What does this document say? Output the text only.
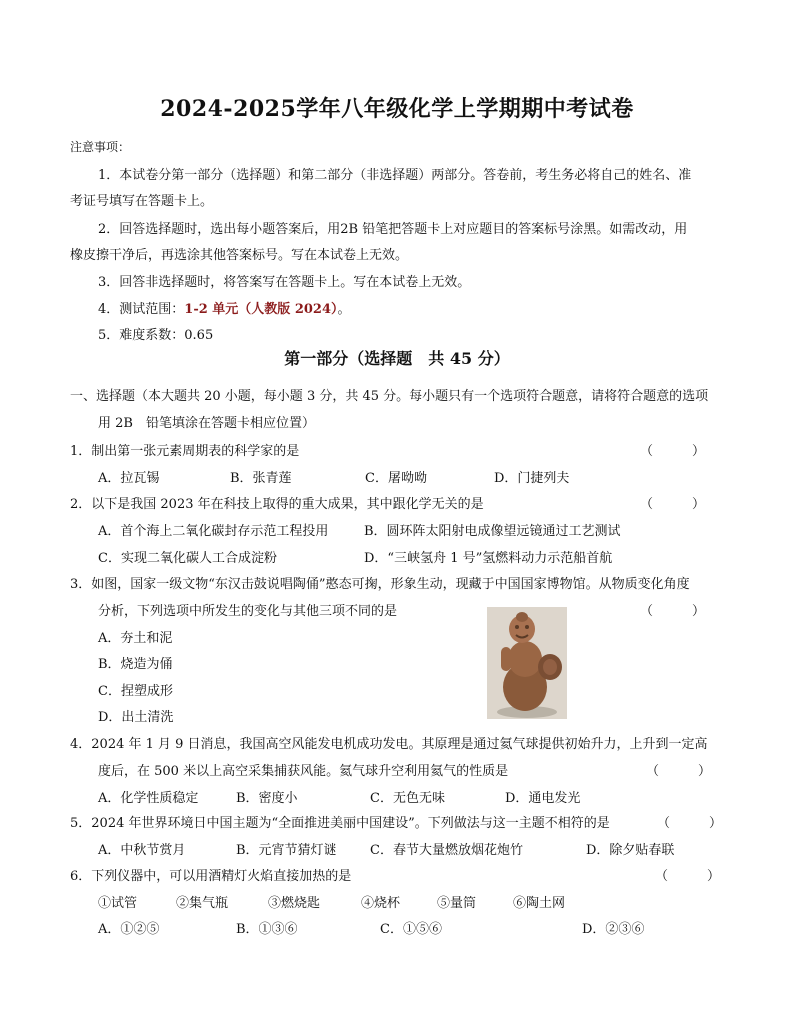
2024-2025学年八年级化学上学期期中考试卷
注意事项：
1．本试卷分第一部分（选择题）和第二部分（非选择题）两部分。答卷前，考生务必将自己的姓名、准
考证号填写在答题卡上。
2．回答选择题时，选出每小题答案后，用2B 铅笔把答题卡上对应题目的答案标号涂黑。如需改动，用
橡皮擦干净后，再选涂其他答案标号。写在本试卷上无效。
3．回答非选择题时，将答案写在答题卡上。写在本试卷上无效。
4．测试范围：1-2 单元（人教版 2024）。
5．难度系数：0.65
第一部分（选择题　共 45 分）
一、选择题（本大题共 20 小题，每小题 3 分，共 45 分。每小题只有一个选项符合题意，请将符合题意的选项
用 2B　铅笔填涂在答题卡相应位置）
1．制出第一张元素周期表的科学家的是	（　　　）
A．拉瓦锡	B．张青莲	C．屠呦呦	D．门捷列夫
2．以下是我国 2023 年在科技上取得的重大成果，其中跟化学无关的是	（　　　）
A．首个海上二氧化碳封存示范工程投用	B．圆环阵太阳射电成像望远镜通过工艺测试
C．实现二氧化碳人工合成淀粉	D．“三峡氢舟 1 号”氢燃料动力示范船首航
3．如图，国家一级文物“东汉击鼓说唱陶俑”憨态可掬，形象生动，现藏于中国国家博物馆。从物质变化角度
分析，下列选项中所发生的变化与其他三项不同的是	（　　　）
A．夯土和泥
B．烧造为俑
C．捏塑成形
D．出土清洗
4．2024 年 1 月 9 日消息，我国高空风能发电机成功发电。其原理是通过氦气球提供初始升力，上升到一定高
度后，在 500 米以上高空采集捕获风能。氦气球升空利用氦气的性质是	（　　　）
A．化学性质稳定	B．密度小	C．无色无味	D．通电发光
5．2024 年世界环境日中国主题为“全面推进美丽中国建设”。下列做法与这一主题不相符的是	（　　　）
A．中秋节赏月	B．元宵节猜灯谜	C．春节大量燃放烟花炮竹	D．除夕贴春联
6．下列仪器中，可以用酒精灯火焰直接加热的是	（　　　）
①试管	②集气瓶	③燃烧匙	④烧杯	⑤量筒	⑥陶土网
A．①②⑤	B．①③⑥	C．①⑤⑥	D．②③⑥
